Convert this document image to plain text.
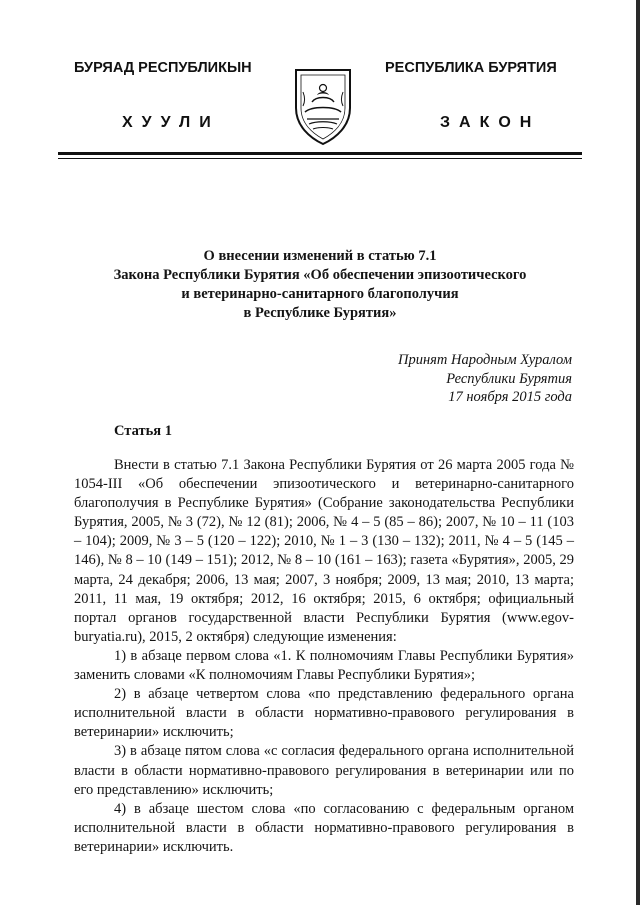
БУРЯАД РЕСПУБЛИКЫН	РЕСПУБЛИКА БУРЯТИЯ
ХУУЛИ	ЗАКОН
О внесении изменений в статью 7.1
Закона Республики Бурятия «Об обеспечении эпизоотического
и ветеринарно-санитарного благополучия
в Республике Бурятия»
Принят Народным Хуралом
Республики Бурятия
17 ноября 2015 года
Статья 1

Внести в статью 7.1 Закона Республики Бурятия от 26 марта 2005 года № 1054-III «Об обеспечении эпизоотического и ветеринарно-санитарного благополучия в Республике Бурятия» (Собрание законодательства Республики Бурятия, 2005, № 3 (72), № 12 (81); 2006, № 4 – 5 (85 – 86); 2007, № 10 – 11 (103 – 104); 2009, № 3 – 5 (120 – 122); 2010, № 1 – 3 (130 – 132); 2011, № 4 – 5 (145 – 146), № 8 – 10 (149 – 151); 2012, № 8 – 10 (161 – 163); газета «Бурятия», 2005, 29 марта, 24 декабря; 2006, 13 мая; 2007, 3 ноября; 2009, 13 мая; 2010, 13 марта; 2011, 11 мая, 19 октября; 2012, 16 октября; 2015, 6 октября; официальный портал органов государственной власти Республики Бурятия (www.egov-buryatia.ru), 2015, 2 октября) следующие изменения:

1) в абзаце первом слова «1. К полномочиям Главы Республики Бурятия» заменить словами «К полномочиям Главы Республики Бурятия»;

2) в абзаце четвертом слова «по представлению федерального органа исполнительной власти в области нормативно-правового регулирования в ветеринарии» исключить;

3) в абзаце пятом слова «с согласия федерального органа исполнительной власти в области нормативно-правового регулирования в ветеринарии или по его представлению» исключить;

4) в абзаце шестом слова «по согласованию с федеральным органом исполнительной власти в области нормативно-правового регулирования в ветеринарии» исключить.
